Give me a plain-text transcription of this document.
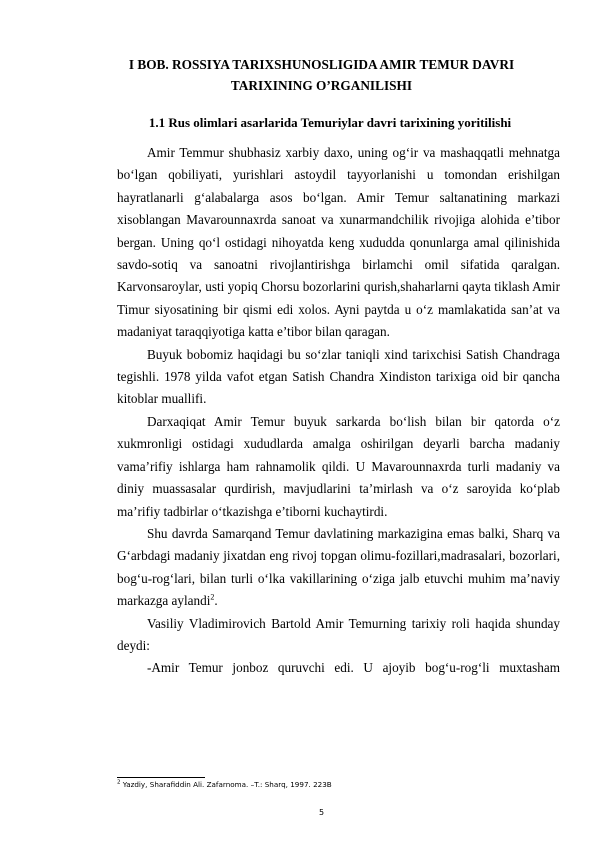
I BOB. ROSSIYA TARIXSHUNOSLIGIDA AMIR TEMUR DAVRI TARIXINING O’RGANILISHI
1.1 Rus olimlari asarlarida Temuriylar davri tarixining yoritilishi

Amir Temmur shubhasiz xarbiy daxo, uning og‘ir va mashaqqatli mehnatga bo‘lgan qobiliyati, yurishlari astoydil tayyorlanishi u tomondan erishilgan hayratlanarli g‘alabalarga asos bo‘lgan. Amir Temur saltanatining markazi xisoblangan Mavarounnaxrda sanoat va xunarmandchilik rivojiga alohida e’tibor bergan. Uning qo‘l ostidagi nihoyatda keng xududda qonunlarga amal qilinishida savdo-sotiq va sanoatni rivojlantirishga birlamchi omil sifatida qaralgan. Karvonsaroylar, usti yopiq Chorsu bozorlarini qurish,shaharlarni qayta tiklash Amir Timur siyosatining bir qismi edi xolos. Ayni paytda u o‘z mamlakatida san’at va madaniyat taraqqiyotiga katta e’tibor bilan qaragan.

Buyuk bobomiz haqidagi bu so‘zlar taniqli xind tarixchisi Satish Chandraga tegishli. 1978 yilda vafot etgan Satish Chandra Xindiston tarixiga oid bir qancha kitoblar muallifi.

Darxaqiqat Amir Temur buyuk sarkarda bo‘lish bilan bir qatorda o‘z xukmronligi ostidagi xududlarda amalga oshirilgan deyarli barcha madaniy vama’rifiy ishlarga ham rahnamolik qildi. U Mavarounnaxrda turli madaniy va diniy muassasalar qurdirish, mavjudlarini ta’mirlash va o‘z saroyida ko‘plab ma’rifiy tadbirlar o‘tkazishga e’tiborni kuchaytirdi.

Shu davrda Samarqand Temur davlatining markazigina emas balki, Sharq va G‘arbdagi madaniy jixatdan eng rivoj topgan olimu-fozillari,madrasalari, bozorlari, bog‘u-rog‘lari, bilan turli o‘lka vakillarining o‘ziga jalb etuvchi muhim ma’naviy markazga aylandi$^2$.

Vasiliy Vladimirovich Bartold Amir Temurning tarixiy roli haqida shunday deydi:

-Amir Temur jonboz quruvchi edi. U ajoyib bog‘u-rog‘li muxtasham

$^2$ Yazdiy, Sharafiddin Ali. Zafarnoma. –T.: Sharq, 1997. 223B
5
